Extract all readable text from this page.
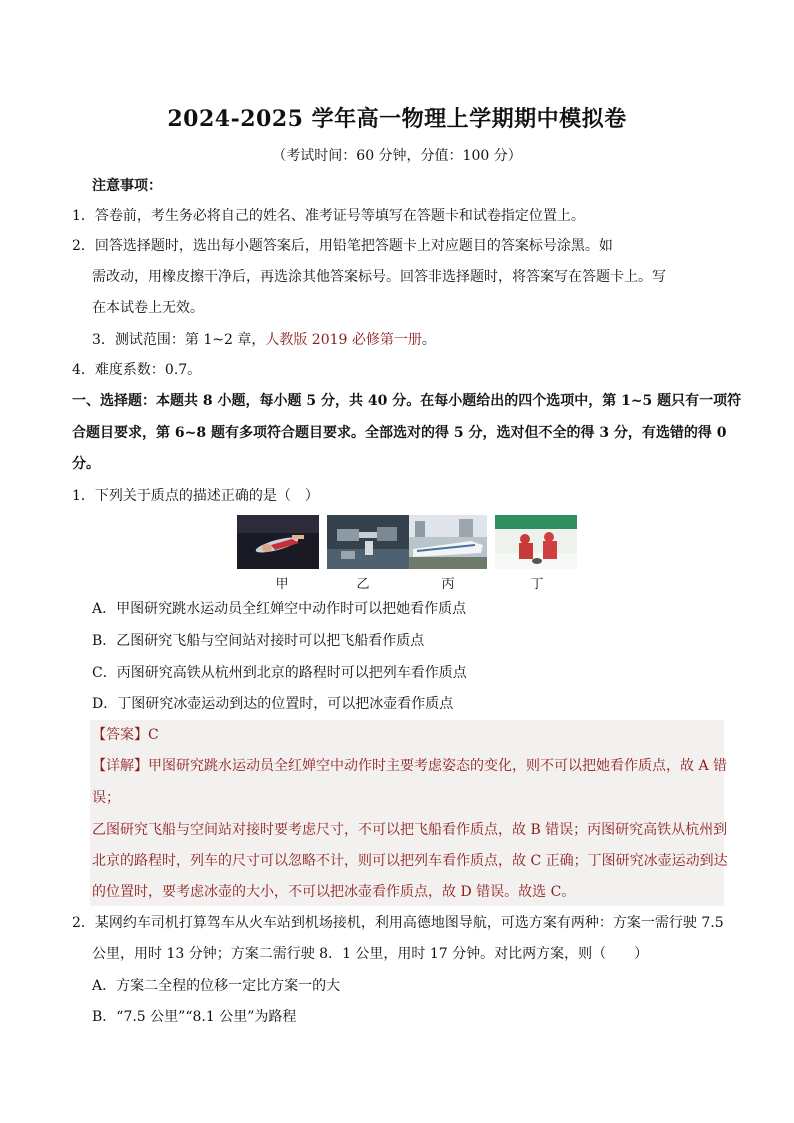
2024-2025 学年高一物理上学期期中模拟卷
（考试时间：60 分钟，分值：100 分）
注意事项：
1．答卷前，考生务必将自己的姓名、准考证号等填写在答题卡和试卷指定位置上。
2．回答选择题时，选出每小题答案后，用铅笔把答题卡上对应题目的答案标号涂黑。如
需改动，用橡皮擦干净后，再选涂其他答案标号。回答非选择题时，将答案写在答题卡上。写
在本试卷上无效。
3．测试范围：第 1~2 章，人教版 2019 必修第一册。
4．难度系数：0.7。
一、选择题：本题共 8 小题，每小题 5 分，共 40 分。在每小题给出的四个选项中，第 1~5 题只有一项符
合题目要求，第 6~8 题有多项符合题目要求。全部选对的得 5 分，选对但不全的得 3 分，有选错的得 0
分。
1．下列关于质点的描述正确的是（　）
甲	乙	丙	丁
A．甲图研究跳水运动员全红婵空中动作时可以把她看作质点
B．乙图研究飞船与空间站对接时可以把飞船看作质点
C．丙图研究高铁从杭州到北京的路程时可以把列车看作质点
D．丁图研究冰壶运动到达的位置时，可以把冰壶看作质点
【答案】C
【详解】甲图研究跳水运动员全红婵空中动作时主要考虑姿态的变化，则不可以把她看作质点，故 A 错
误；
乙图研究飞船与空间站对接时要考虑尺寸，不可以把飞船看作质点，故 B 错误；丙图研究高铁从杭州到
北京的路程时，列车的尺寸可以忽略不计，则可以把列车看作质点，故 C 正确；丁图研究冰壶运动到达
的位置时，要考虑冰壶的大小，不可以把冰壶看作质点，故 D 错误。故选 C。
2．某网约车司机打算驾车从火车站到机场接机，利用高德地图导航，可选方案有两种：方案一需行驶 7.5
公里，用时 13 分钟；方案二需行驶 8．1 公里，用时 17 分钟。对比两方案，则（　　）
A．方案二全程的位移一定比方案一的大
B．“7.5 公里”“8.1 公里”为路程
